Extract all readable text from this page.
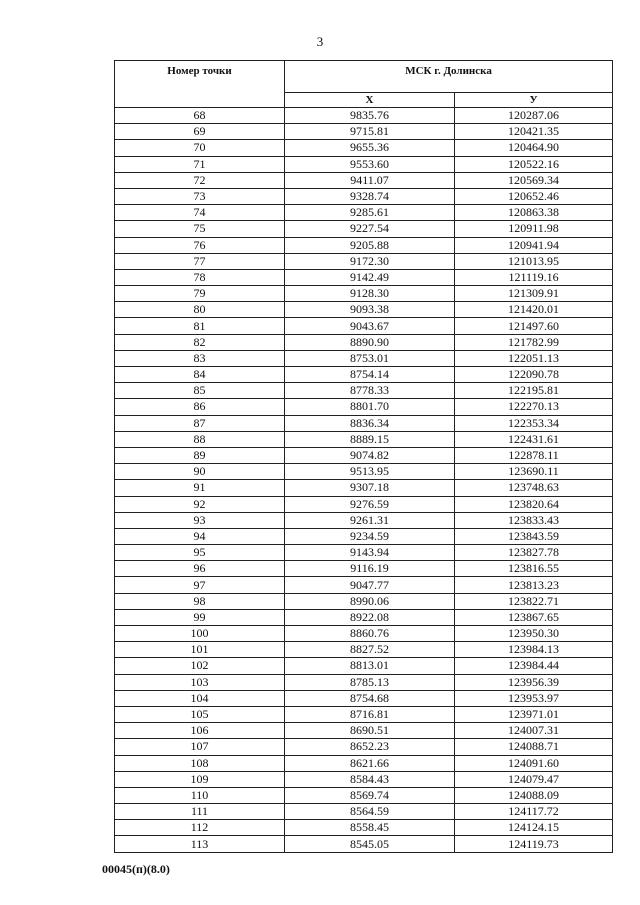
3
Номер точки	МСК г. Долинска	
	Х	У
68	9835.76	120287.06
69	9715.81	120421.35
70	9655.36	120464.90
71	9553.60	120522.16
72	9411.07	120569.34
73	9328.74	120652.46
74	9285.61	120863.38
75	9227.54	120911.98
76	9205.88	120941.94
77	9172.30	121013.95
78	9142.49	121119.16
79	9128.30	121309.91
80	9093.38	121420.01
81	9043.67	121497.60
82	8890.90	121782.99
83	8753.01	122051.13
84	8754.14	122090.78
85	8778.33	122195.81
86	8801.70	122270.13
87	8836.34	122353.34
88	8889.15	122431.61
89	9074.82	122878.11
90	9513.95	123690.11
91	9307.18	123748.63
92	9276.59	123820.64
93	9261.31	123833.43
94	9234.59	123843.59
95	9143.94	123827.78
96	9116.19	123816.55
97	9047.77	123813.23
98	8990.06	123822.71
99	8922.08	123867.65
100	8860.76	123950.30
101	8827.52	123984.13
102	8813.01	123984.44
103	8785.13	123956.39
104	8754.68	123953.97
105	8716.81	123971.01
106	8690.51	124007.31
107	8652.23	124088.71
108	8621.66	124091.60
109	8584.43	124079.47
110	8569.74	124088.09
111	8564.59	124117.72
112	8558.45	124124.15
113	8545.05	124119.73
00045(п)(8.0)
